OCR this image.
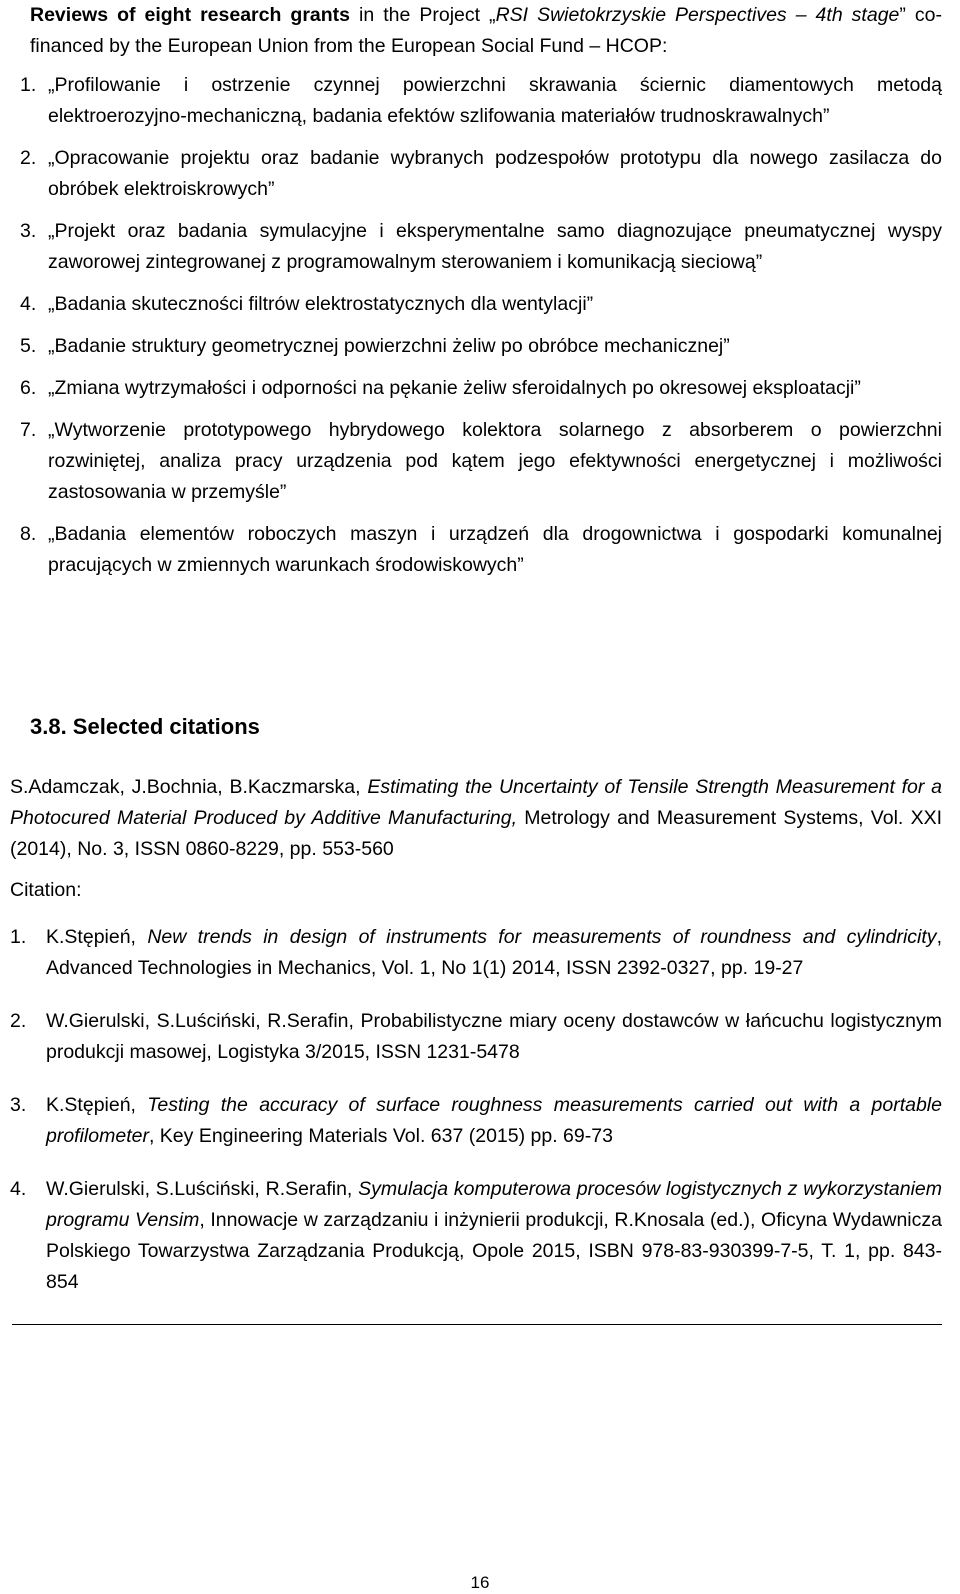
Reviews of eight research grants in the Project „RSI Swietokrzyskie Perspectives – 4th stage” co-financed by the European Union from the European Social Fund – HCOP:
1. „Profilowanie i ostrzenie czynnej powierzchni skrawania ściernic diamentowych metodą elektroerozyjno-mechaniczną, badania efektów szlifowania materiałów trudnoskrawalnych”
2. „Opracowanie projektu oraz badanie wybranych podzespołów prototypu dla nowego zasilacza do obróbek elektroiskrowych”
3. „Projekt oraz badania symulacyjne i eksperymentalne samo diagnozujące pneumatycznej wyspy zaworowej zintegrowanej z programowalnym sterowaniem i komunikacją sieciową”
4. „Badania skuteczności filtrów elektrostatycznych dla wentylacji”
5. „Badanie struktury geometrycznej powierzchni żeliw po obróbce mechanicznej”
6. „Zmiana wytrzymałości i odporności na pękanie żeliw sferoidalnych po okresowej eksploatacji”
7. „Wytworzenie prototypowego hybrydowego kolektora solarnego z absorberem o powierzchni rozwiniętej, analiza pracy urządzenia pod kątem jego efektywności energetycznej i możliwości zastosowania w przemyśle”
8. „Badania elementów roboczych maszyn i urządzeń dla drogownictwa i gospodarki komunalnej pracujących w zmiennych warunkach środowiskowych”
3.8. Selected citations
S.Adamczak, J.Bochnia, B.Kaczmarska, Estimating the Uncertainty of Tensile Strength Measurement for a Photocured Material Produced by Additive Manufacturing, Metrology and Measurement Systems, Vol. XXI (2014), No. 3, ISSN 0860-8229, pp. 553-560
Citation:
1.	K.Stępień, New trends in design of instruments for measurements of roundness and cylindricity, Advanced Technologies in Mechanics, Vol. 1, No 1(1) 2014, ISSN 2392-0327, pp. 19-27
2.	W.Gierulski, S.Luściński, R.Serafin, Probabilistyczne miary oceny dostawców w łańcuchu logistycznym produkcji masowej, Logistyka 3/2015, ISSN 1231-5478
3.	K.Stępień, Testing the accuracy of surface roughness measurements carried out with a portable profilometer, Key Engineering Materials Vol. 637 (2015) pp. 69-73
4.	W.Gierulski, S.Luściński, R.Serafin, Symulacja komputerowa procesów logistycznych z wykorzystaniem programu Vensim, Innowacje w zarządzaniu i inżynierii produkcji, R.Knosala (ed.), Oficyna Wydawnicza Polskiego Towarzystwa Zarządzania Produkcją, Opole 2015, ISBN 978-83-930399-7-5, T. 1, pp. 843-854
16
